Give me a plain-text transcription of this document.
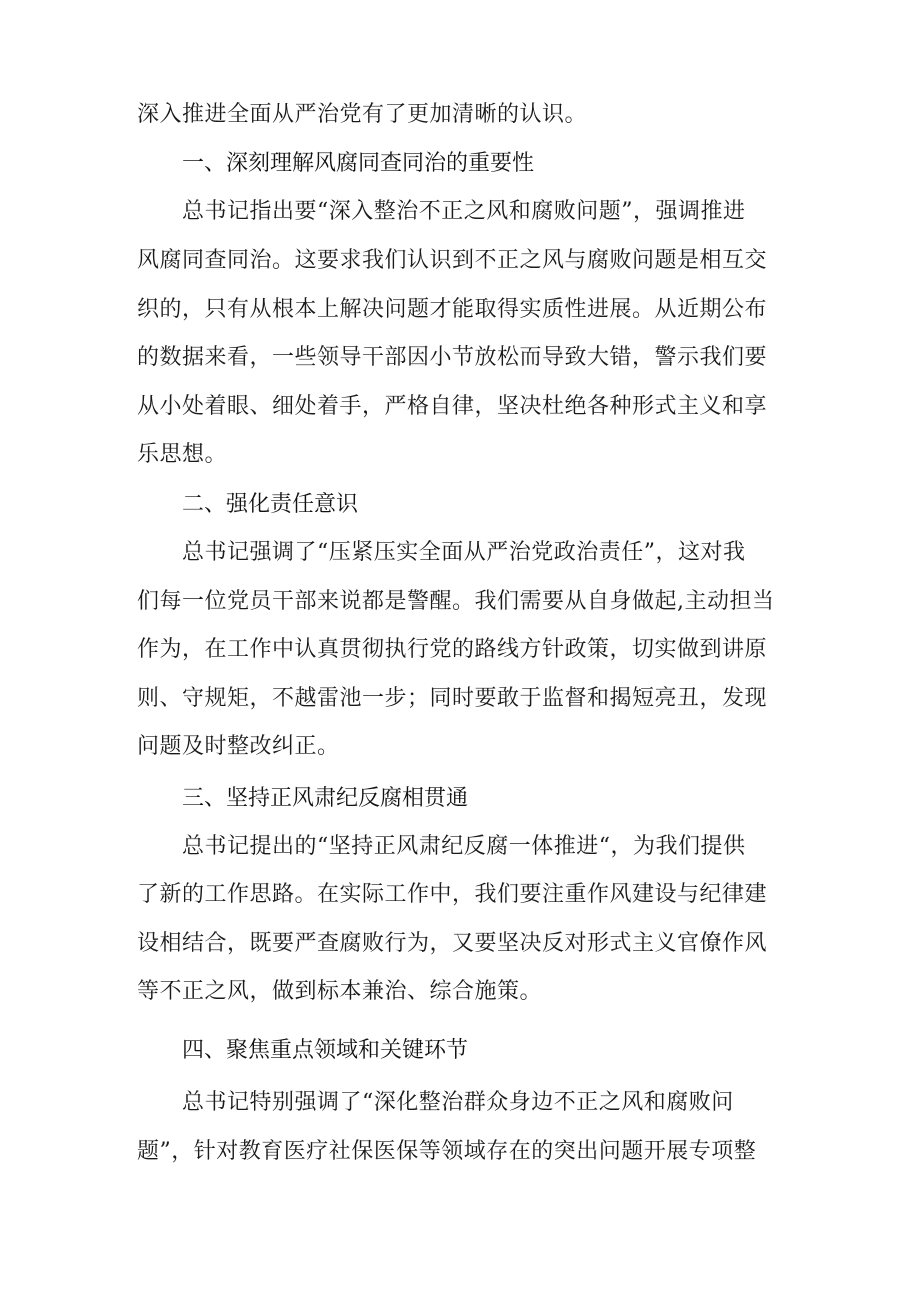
深入推进全面从严治党有了更加清晰的认识。

一、深刻理解风腐同查同治的重要性

总书记指出要“深入整治不正之风和腐败问题”，强调推进

风腐同查同治。这要求我们认识到不正之风与腐败问题是相互交

织的，只有从根本上解决问题才能取得实质性进展。从近期公布

的数据来看，一些领导干部因小节放松而导致大错，警示我们要

从小处着眼、细处着手，严格自律，坚决杜绝各种形式主义和享

乐思想。

二、强化责任意识

总书记强调了“压紧压实全面从严治党政治责任”，这对我

们每一位党员干部来说都是警醒。我们需要从自身做起,主动担当

作为，在工作中认真贯彻执行党的路线方针政策，切实做到讲原

则、守规矩，不越雷池一步；同时要敢于监督和揭短亮丑，发现

问题及时整改纠正。

三、坚持正风肃纪反腐相贯通

总书记提出的“坚持正风肃纪反腐一体推进“，为我们提供

了新的工作思路。在实际工作中，我们要注重作风建设与纪律建

设相结合，既要严查腐败行为，又要坚决反对形式主义官僚作风

等不正之风，做到标本兼治、综合施策。

四、聚焦重点领域和关键环节

总书记特别强调了“深化整治群众身边不正之风和腐败问

题”，针对教育医疗社保医保等领域存在的突出问题开展专项整
